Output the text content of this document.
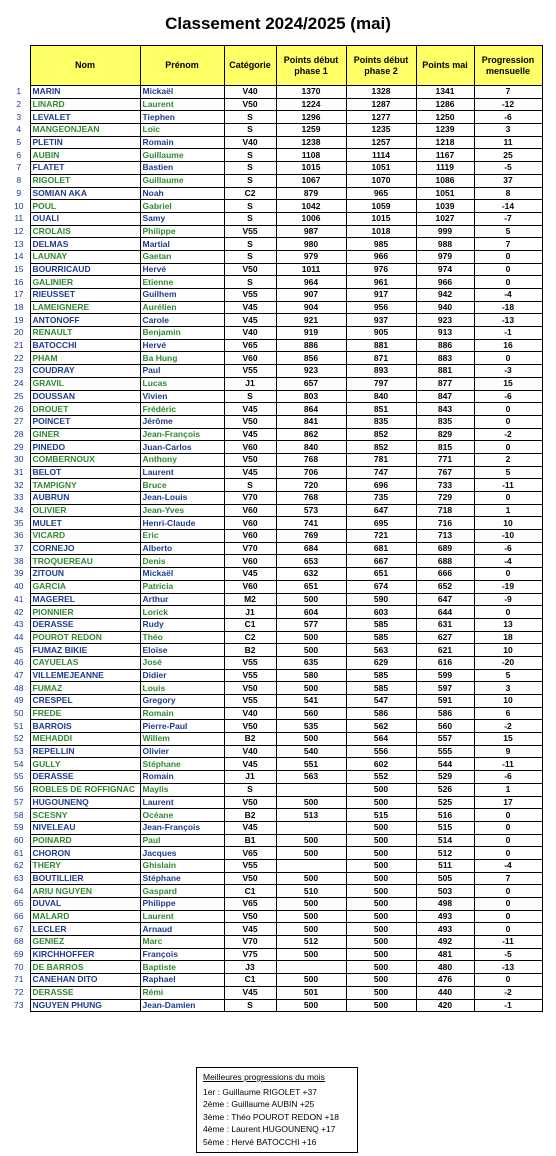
Classement 2024/2025 (mai)
	Nom	Prénom	Catégorie	Points début phase 1	Points début phase 2	Points mai	Progression mensuelle
1	MARIN	Mickaël	V40	1370	1328	1341	7
2	LINARD	Laurent	V50	1224	1287	1286	-12
3	LEVALET	Tiephen	S	1296	1277	1250	-6
4	MANGEONJEAN	Loïc	S	1259	1235	1239	3
5	PLETIN	Romain	V40	1238	1257	1218	11
6	AUBIN	Guillaume	S	1108	1114	1167	25
7	FLATET	Bastien	S	1015	1051	1119	-5
8	RIGOLET	Guillaume	S	1067	1070	1086	37
9	SOMIAN AKA	Noah	C2	879	965	1051	8
10	POUL	Gabriel	S	1042	1059	1039	-14
11	OUALI	Samy	S	1006	1015	1027	-7
12	CROLAIS	Philippe	V55	987	1018	999	5
13	DELMAS	Martial	S	980	985	988	7
14	LAUNAY	Gaetan	S	979	966	979	0
15	BOURRICAUD	Hervé	V50	1011	976	974	0
16	GALINIER	Etienne	S	964	961	966	0
17	RIEUSSET	Guilhem	V55	907	917	942	-4
18	LAMEIGNERE	Aurélien	V45	904	956	940	-18
19	ANTONOFF	Carole	V45	921	937	923	-13
20	RENAULT	Benjamin	V40	919	905	913	-1
21	BATOCCHI	Hervé	V65	886	881	886	16
22	PHAM	Ba Hung	V60	856	871	883	0
23	COUDRAY	Paul	V55	923	893	881	-3
24	GRAVIL	Lucas	J1	657	797	877	15
25	DOUSSAN	Vivien	S	803	840	847	-6
26	DROUET	Frédéric	V45	864	851	843	0
27	POINCET	Jérôme	V50	841	835	835	0
28	GINER	Jean-François	V45	862	852	829	-2
29	PINEDO	Juan-Carlos	V60	840	852	815	0
30	COMBERNOUX	Anthony	V50	768	781	771	2
31	BELOT	Laurent	V45	706	747	767	5
32	TAMPIGNY	Bruce	S	720	696	733	-11
33	AUBRUN	Jean-Louis	V70	768	735	729	0
34	OLIVIER	Jean-Yves	V60	573	647	718	1
35	MULET	Henri-Claude	V60	741	695	716	10
36	VICARD	Eric	V60	769	721	713	-10
37	CORNEJO	Alberto	V70	684	681	689	-6
38	TROQUEREAU	Denis	V60	653	667	688	-4
39	ZITOUN	Mickaël	V45	632	651	666	0
40	GARCIA	Patricia	V60	651	674	652	-19
41	MAGEREL	Arthur	M2	500	590	647	-9
42	PIONNIER	Lorick	J1	604	603	644	0
43	DERASSE	Rudy	C1	577	585	631	13
44	POUROT REDON	Théo	C2	500	585	627	18
45	FUMAZ BIKIE	Eloïse	B2	500	563	621	10
46	CAYUELAS	José	V55	635	629	616	-20
47	VILLEMEJEANNE	Didier	V55	580	585	599	5
48	FUMAZ	Louis	V50	500	585	597	3
49	CRESPEL	Gregory	V55	541	547	591	10
50	FREDE	Romain	V40	560	586	586	6
51	BARROIS	Pierre-Paul	V50	535	562	560	-2
52	MEHADDI	Willem	B2	500	564	557	15
53	REPELLIN	Olivier	V40	540	556	555	9
54	GULLY	Stéphane	V45	551	602	544	-11
55	DERASSE	Romain	J1	563	552	529	-6
56	ROBLES DE ROFFIGNAC	Maylis	S		500	526	1
57	HUGOUNENQ	Laurent	V50	500	500	525	17
58	SCESNY	Océane	B2	513	515	516	0
59	NIVELEAU	Jean-François	V45		500	515	0
60	POINARD	Paul	B1	500	500	514	0
61	CHORON	Jacques	V65	500	500	512	0
62	THERY	Ghislain	V55		500	511	-4
63	BOUTILLIER	Stéphane	V50	500	500	505	7
64	ARIU NGUYEN	Gaspard	C1	510	500	503	0
65	DUVAL	Philippe	V65	500	500	498	0
66	MALARD	Laurent	V50	500	500	493	0
67	LECLER	Arnaud	V45	500	500	493	0
68	GENIEZ	Marc	V70	512	500	492	-11
69	KIRCHHOFFER	François	V75	500	500	481	-5
70	DE BARROS	Baptiste	J3		500	480	-13
71	CANEHAN DITO	Raphael	C1	500	500	476	0
72	DERASSE	Rémi	V45	501	500	440	-2
73	NGUYEN PHUNG	Jean-Damien	S	500	500	420	-1
Meilleures progressions du mois
1er : Guillaume RIGOLET +37
2ème : Guillaume AUBIN +25
3ème : Théo POUROT REDON +18
4ème : Laurent HUGOUNENQ +17
5ème : Hervé BATOCCHI +16
